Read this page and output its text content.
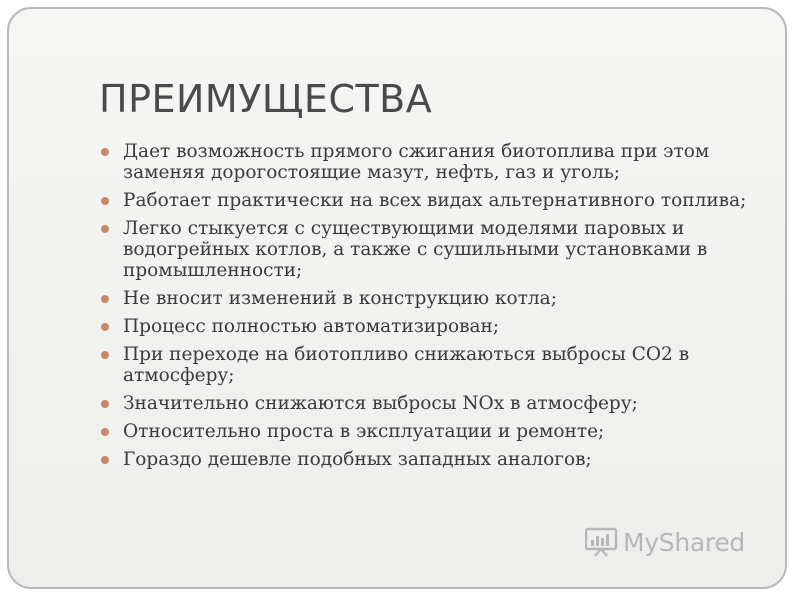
ПРЕИМУЩЕСТВА
Дает возможность прямого сжигания биотоплива при этом заменяя дорогостоящие мазут, нефть, газ и уголь;
Работает практически на всех видах альтернативного топлива;
Легко стыкуется с существующими моделями паровых и водогрейных котлов, а также с сушильными установками в промышленности;
Не вносит изменений в конструкцию котла;
Процесс полностью автоматизирован;
При переходе на биотопливо снижаються выбросы CO2 в атмосферу;
Значительно снижаются выбросы NOx в атмосферу;
Относительно проста в эксплуатации и ремонте;
Гораздо дешевле подобных западных аналогов;
MyShared
